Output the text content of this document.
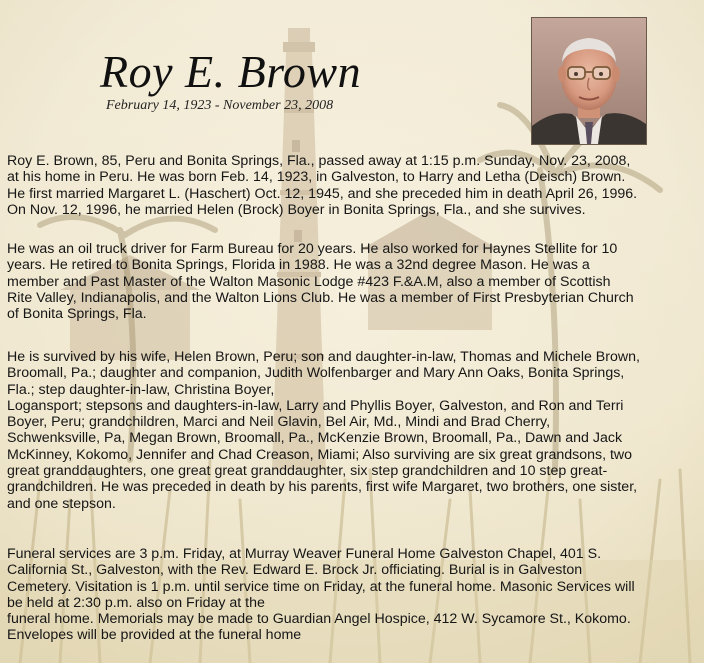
Roy E. Brown
February 14, 1923 - November 23, 2008

Roy E. Brown, 85, Peru and Bonita Springs, Fla., passed away at 1:15 p.m. Sunday, Nov. 23, 2008,
at his home in Peru. He was born Feb. 14, 1923, in Galveston, to Harry and Letha (Deisch) Brown.
He first married Margaret L. (Haschert) Oct. 12, 1945, and she preceded him in death April 26, 1996.
On Nov. 12, 1996, he married Helen (Brock) Boyer in Bonita Springs, Fla., and she survives.

He was an oil truck driver for Farm Bureau for 20 years. He also worked for Haynes Stellite for 10
years. He retired to Bonita Springs, Florida in 1988. He was a 32nd degree Mason. He was a
member and Past Master of the Walton Masonic Lodge #423 F.&A.M, also a member of Scottish
Rite Valley, Indianapolis, and the Walton Lions Club. He was a member of First Presbyterian Church
of Bonita Springs, Fla.

He is survived by his wife, Helen Brown, Peru; son and daughter-in-law, Thomas and Michele Brown,
Broomall, Pa.; daughter and companion, Judith Wolfenbarger and Mary Ann Oaks, Bonita Springs,
Fla.; step daughter-in-law, Christina Boyer,
Logansport; stepsons and daughters-in-law, Larry and Phyllis Boyer, Galveston, and Ron and Terri
Boyer, Peru; grandchildren, Marci and Neil Glavin, Bel Air, Md., Mindi and Brad Cherry,
Schwenksville, Pa, Megan Brown, Broomall, Pa., McKenzie Brown, Broomall, Pa., Dawn and Jack
McKinney, Kokomo, Jennifer and Chad Creason, Miami; Also surviving are six great grandsons, two
great granddaughters, one great great granddaughter, six step grandchildren and 10 step great-
grandchildren. He was preceded in death by his parents, first wife Margaret, two brothers, one sister,
and one stepson.

Funeral services are 3 p.m. Friday, at Murray Weaver Funeral Home Galveston Chapel, 401 S.
California St., Galveston, with the Rev. Edward E. Brock Jr. officiating. Burial is in Galveston
Cemetery. Visitation is 1 p.m. until service time on Friday, at the funeral home. Masonic Services will
be held at 2:30 p.m. also on Friday at the
funeral home. Memorials may be made to Guardian Angel Hospice, 412 W. Sycamore St., Kokomo.
Envelopes will be provided at the funeral home
